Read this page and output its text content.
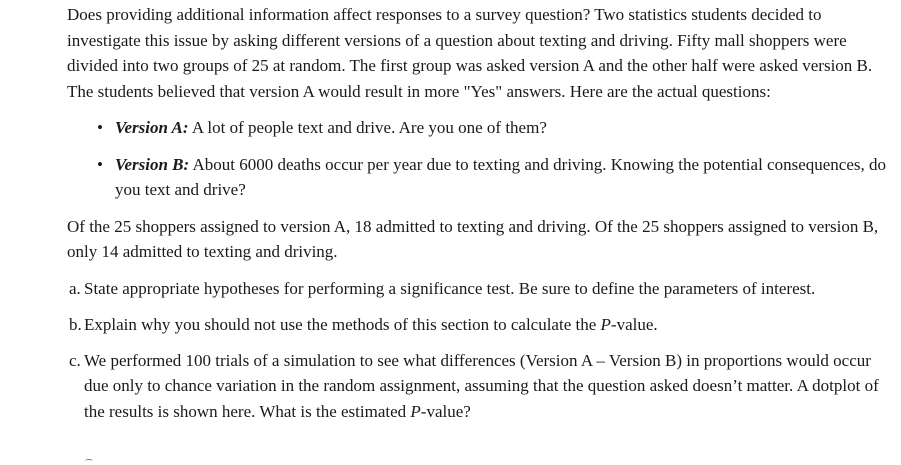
Does providing additional information affect responses to a survey question? Two statistics students decided to investigate this issue by asking different versions of a question about texting and driving. Fifty mall shoppers were divided into two groups of 25 at random. The first group was asked version A and the other half were asked version B. The students believed that version A would result in more "Yes" answers. Here are the actual questions:

• Version A: A lot of people text and drive. Are you one of them?
• Version B: About 6000 deaths occur per year due to texting and driving. Knowing the potential consequences, do you text and drive?

Of the 25 shoppers assigned to version A, 18 admitted to texting and driving. Of the 25 shoppers assigned to version B, only 14 admitted to texting and driving.

a. State appropriate hypotheses for performing a significance test. Be sure to define the parameters of interest.
b. Explain why you should not use the methods of this section to calculate the P-value.
c. We performed 100 trials of a simulation to see what differences (Version A – Version B) in proportions would occur due only to chance variation in the random assignment, assuming that the question asked doesn’t matter. A dotplot of the results is shown here. What is the estimated P-value?
